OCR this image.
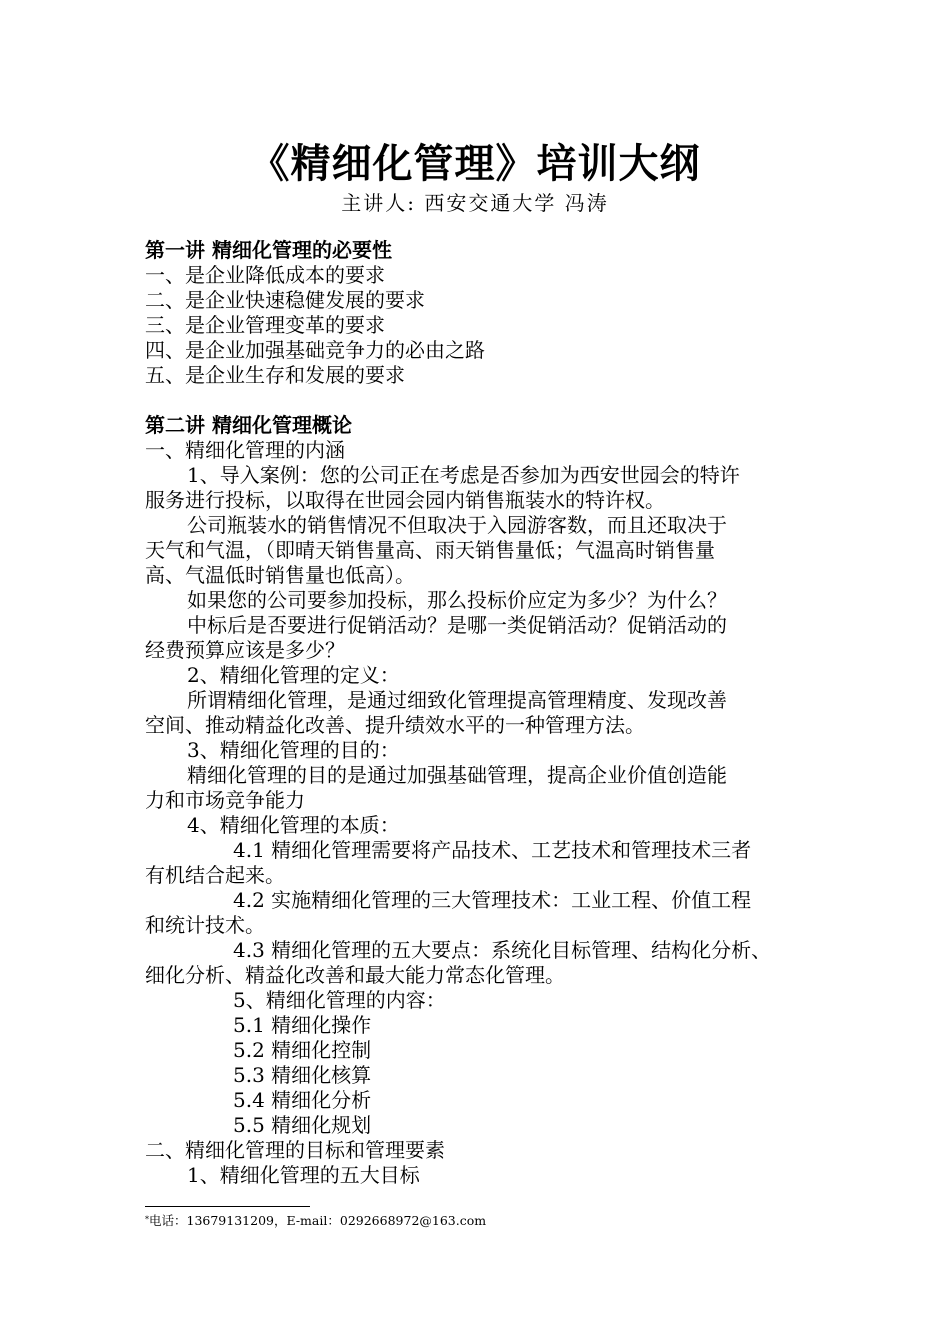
《精细化管理》培训大纲
主讲人: 西安交通大学 冯涛
第一讲 精细化管理的必要性
一、是企业降低成本的要求
二、是企业快速稳健发展的要求
三、是企业管理变革的要求
四、是企业加强基础竞争力的必由之路
五、是企业生存和发展的要求
第二讲 精细化管理概论
一、精细化管理的内涵
1、导入案例：您的公司正在考虑是否参加为西安世园会的特许
服务进行投标，以取得在世园会园内销售瓶装水的特许权。
公司瓶装水的销售情况不但取决于入园游客数，而且还取决于
天气和气温，（即晴天销售量高、雨天销售量低；气温高时销售量
高、气温低时销售量也低高）。
如果您的公司要参加投标，那么投标价应定为多少？为什么？
中标后是否要进行促销活动？是哪一类促销活动？促销活动的
经费预算应该是多少？
2、精细化管理的定义：
所谓精细化管理，是通过细致化管理提高管理精度、发现改善
空间、推动精益化改善、提升绩效水平的一种管理方法。
3、精细化管理的目的：
精细化管理的目的是通过加强基础管理，提高企业价值创造能
力和市场竞争能力
4、精细化管理的本质：
4.1 精细化管理需要将产品技术、工艺技术和管理技术三者
有机结合起来。
4.2 实施精细化管理的三大管理技术：工业工程、价值工程
和统计技术。
4.3 精细化管理的五大要点：系统化目标管理、结构化分析、
细化分析、精益化改善和最大能力常态化管理。
5、精细化管理的内容：
5.1 精细化操作
5.2 精细化控制
5.3 精细化核算
5.4 精细化分析
5.5 精细化规划
二、精细化管理的目标和管理要素
1、精细化管理的五大目标
*电话：13679131209，E-mail：0292668972@163.com
